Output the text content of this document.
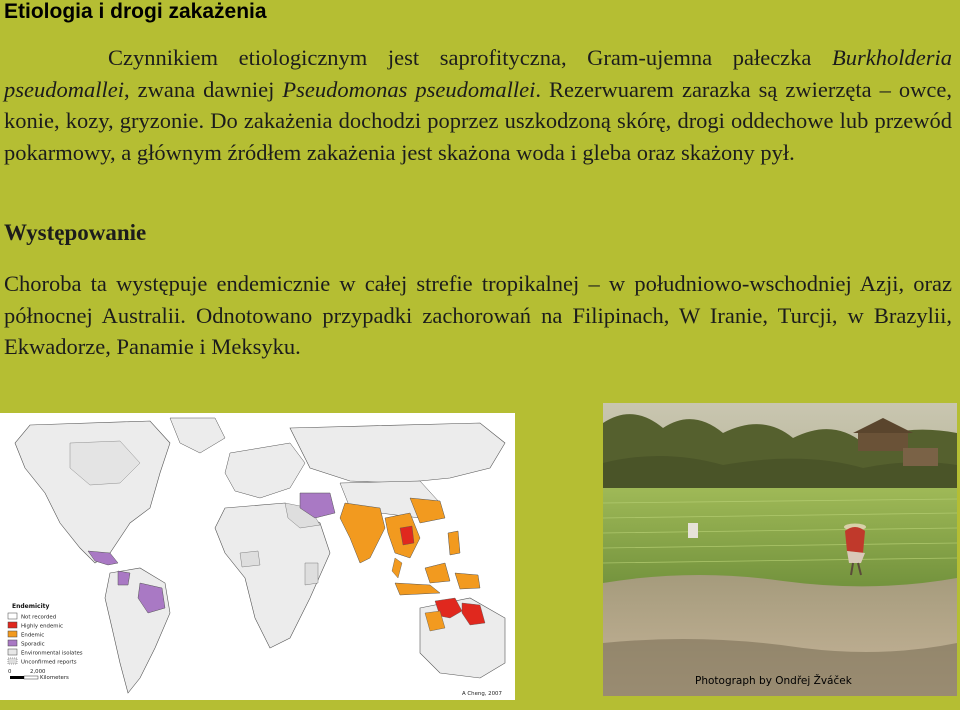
Etiologia i drogi zakażenia

Czynnikiem etiologicznym jest saprofityczna, Gram-ujemna pałeczka Burkholderia pseudomallei, zwana dawniej Pseudomonas pseudomallei. Rezerwuarem zarazka są zwierzęta – owce, konie, kozy, gryzonie. Do zakażenia dochodzi poprzez uszkodzoną skórę, drogi oddechowe lub przewód pokarmowy, a głównym źródłem zakażenia jest skażona woda i gleba oraz skażony pył.

Występowanie

Choroba ta występuje endemicznie w całej strefie tropikalnej – w południowo-wschodniej Azji, oraz północnej Australii. Odnotowano przypadki zachorowań na Filipinach, W Iranie, Turcji, w Brazylii, Ekwadorze, Panamie i Meksyku.

Endemicity
Not recorded
Highly endemic
Endemic
Sporadic
Environmental isolates
Unconfirmed reports
0	2,000
Kilometers
A Cheng, 2007
Photograph by Ondřej Žváček
